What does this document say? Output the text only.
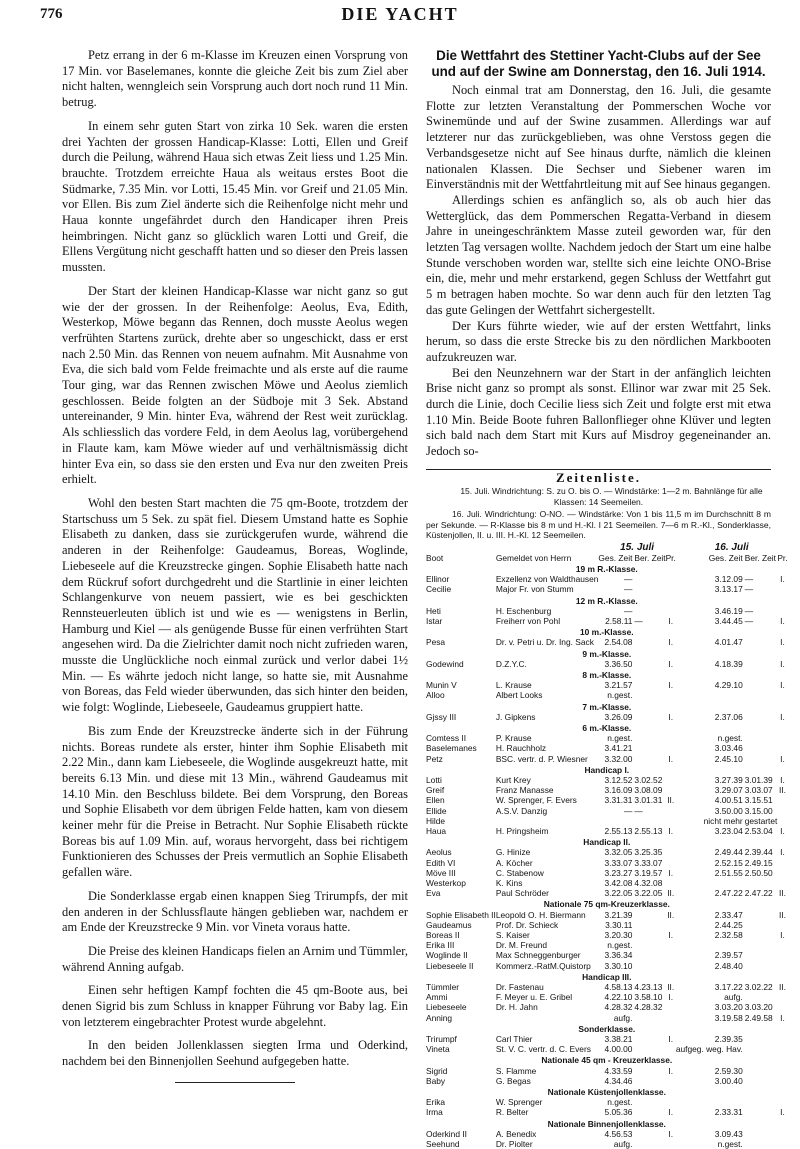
776	DIE YACHT

Petz errang in der 6 m-Klasse im Kreuzen einen Vorsprung von 17 Min. vor Baselemanes, konnte die gleiche Zeit bis zum Ziel aber nicht halten, wenngleich sein Vorsprung auch dort noch rund 11 Min. betrug.

In einem sehr guten Start von zirka 10 Sek. waren die ersten drei Yachten der grossen Handicap-Klasse: Lotti, Ellen und Greif durch die Peilung, während Haua sich etwas Zeit liess und 1.25 Min. brauchte. Trotzdem erreichte Haua als weitaus erstes Boot die Südmarke, 7.35 Min. vor Lotti, 15.45 Min. vor Greif und 21.05 Min. vor Ellen. Bis zum Ziel änderte sich die Reihenfolge nicht mehr und Haua konnte ungefährdet durch den Handicaper ihren Preis heimbringen. Nicht ganz so glücklich waren Lotti und Greif, die Ellens Vergütung nicht geschafft hatten und so dieser den Preis lassen mussten.

Der Start der kleinen Handicap-Klasse war nicht ganz so gut wie der der grossen. In der Reihenfolge: Aeolus, Eva, Edith, Westerkop, Möwe begann das Rennen, doch musste Aeolus wegen verfrühten Startens zurück, drehte aber so ungeschickt, dass er erst nach 2.50 Min. das Rennen von neuem aufnahm. Mit Ausnahme von Eva, die sich bald vom Felde freimachte und als erste auf die raume Tour ging, war das Rennen zwischen Möwe und Aeolus ziemlich geschlossen. Beide folgten an der Südboje mit 3 Sek. Abstand untereinander, 9 Min. hinter Eva, während der Rest weit zurücklag. Als schliesslich das vordere Feld, in dem Aeolus lag, vorübergehend in Flaute kam, kam Möwe wieder auf und verhältnismässig dicht hinter Eva ein, so dass sie den ersten und Eva nur den zweiten Preis erhielt.

Wohl den besten Start machten die 75 qm-Boote, trotzdem der Startschuss um 5 Sek. zu spät fiel. Diesem Umstand hatte es Sophie Elisabeth zu danken, dass sie zurückgerufen wurde, während die anderen in der Reihenfolge: Gaudeamus, Boreas, Woglinde, Liebeseele auf die Kreuzstrecke gingen. Sophie Elisabeth hatte nach dem Rückruf sofort durchgedreht und die Startlinie in einer leichten Schlangenkurve von neuem passiert, wie es bei geschickten Rennsteuerleuten üblich ist und wie es — wenigstens in Berlin, Hamburg und Kiel — als genügende Busse für einen verfrühten Start angesehen wird. Da die Zielrichter damit noch nicht zufrieden waren, musste die Unglückliche noch einmal zurück und verlor dabei 1½ Min. — Es währte jedoch nicht lange, so hatte sie, mit Ausnahme von Boreas, das Feld wieder überwunden, das sich hinter den beiden, wie folgt: Woglinde, Liebeseele, Gaudeamus gruppiert hatte.

Bis zum Ende der Kreuzstrecke änderte sich in der Führung nichts. Boreas rundete als erster, hinter ihm Sophie Elisabeth mit 2.22 Min., dann kam Liebeseele, die Woglinde ausgekreuzt hatte, mit bereits 6.13 Min. und diese mit 13 Min., während Gaudeamus mit 14.10 Min. den Beschluss bildete. Bei dem Vorsprung, den Boreas und Sophie Elisabeth vor dem übrigen Felde hatten, kam von diesem keiner mehr für die Preise in Betracht. Nur Sophie Elisabeth rückte Boreas bis auf 1.09 Min. auf, woraus hervorgeht, dass bei richtigem Funktionieren des Schusses der Preis vermutlich an Sophie Elisabeth gefallen wäre.

Die Sonderklasse ergab einen knappen Sieg Trirumpfs, der mit den anderen in der Schlussflaute hängen geblieben war, nachdem er am Ende der Kreuzstrecke 9 Min. vor Vineta voraus hatte.

Die Preise des kleinen Handicaps fielen an Arnim und Tümmler, während Anning aufgab.

Einen sehr heftigen Kampf fochten die 45 qm-Boote aus, bei denen Sigrid bis zum Schluss in knapper Führung vor Baby lag. Ein von letzterem eingebrachter Protest wurde abgelehnt.

In den beiden Jollenklassen siegten Irma und Oderkind, nachdem bei den Binnenjollen Seehund aufgegeben hatte.

Die Wettfahrt des Stettiner Yacht-Clubs auf der See und auf der Swine am Donnerstag, den 16. Juli 1914.

Noch einmal trat am Donnerstag, den 16. Juli, die gesamte Flotte zur letzten Veranstaltung der Pommerschen Woche vor Swinemünde und auf der Swine zusammen. Allerdings war auf letzterer nur das zurückgeblieben, was ohne Verstoss gegen die Verbandsgesetze nicht auf See hinaus durfte, nämlich die kleinen nationalen Klassen. Die Sechser und Siebener waren im Einverständnis mit der Wettfahrtleitung mit auf See hinaus gegangen.

Allerdings schien es anfänglich so, als ob auch hier das Wetterglück, das dem Pommerschen Regatta-Verband in diesem Jahre in uneingeschränktem Masse zuteil geworden war, für den letzten Tag versagen wollte. Nachdem jedoch der Start um eine halbe Stunde verschoben worden war, stellte sich eine leichte ONO-Brise ein, die, mehr und mehr erstarkend, gegen Schluss der Wettfahrt gut 5 m betragen haben mochte. So war denn auch für den letzten Tag das gute Gelingen der Wettfahrt sichergestellt.

Der Kurs führte wieder, wie auf der ersten Wettfahrt, links herum, so dass die erste Strecke bis zu den nördlichen Markbooten aufzukreuzen war.

Bei den Neunzehnern war der Start in der anfänglich leichten Brise nicht ganz so prompt als sonst. Ellinor war zwar mit 25 Sek. durch die Linie, doch Cecilie liess sich Zeit und folgte erst mit etwa 1.10 Min. Beide Boote fuhren Ballonflieger ohne Klüver und legten sich bald nach dem Start mit Kurs auf Misdroy gegeneinander an. Jedoch so-

Zeitenliste.

15. Juli. Windrichtung: S. zu O. bis O. — Windstärke: 1—2 m. Bahnlänge für alle Klassen: 14 Seemeilen.

16. Juli. Windrichtung: O-NO. — Windstärke: Von 1 bis 11,5 m im Durchschnitt 8 m per Sekunde. — R-Klasse bis 8 m und H.-Kl. I 21 Seemeilen. 7—6 m R.-Kl., Sonderklasse, Küstenjollen, II. u. III. H.-Kl. 12 Seemeilen.

		15. Juli			16. Juli		
Boot	Gemeldet von Herrn	Ges. Zeit	Ber. Zeit	Pr.	Ges. Zeit	Ber. Zeit	Pr.
19 m R.-Klasse.							
Ellinor	Exzellenz von Waldthausen	—			3.12.09	—	I.
Cecilie	Major Fr. von Stumm	—			3.13.17	—	
12 m R.-Klasse.							
Heti	H. Eschenburg	—			3.46.19	—	
Istar	Freiherr von Pohl	2.58.11	—	I.	3.44.45	—	I.
10 m.-Klasse.							
Pesa	Dr. v. Petri u. Dr. Ing. Sack	2.54.08		I.	4.01.47		I.
9 m.-Klasse.							
Godewind	D.Z.Y.C.	3.36.50		I.	4.18.39		I.
8 m.-Klasse.							
Munin V	L. Krause	3.21.57		I.	4.29.10		I.
Alloo	Albert Looks	n.gest.					
7 m.-Klasse.							
Gjssy III	J. Gipkens	3.26.09		I.	2.37.06		I.
6 m.-Klasse.							
Comtess II	P. Krause	n.gest.			n.gest.		
Baselemanes	H. Rauchholz	3.41.21			3.03.46		
Petz	BSC. vertr. d. P. Wiesner	3.32.00		I.	2.45.10		I.
Handicap I.							
Lotti	Kurt Krey	3.12.52	3.02.52		3.27.39	3.01.39	I.
Greif	Franz Manasse	3.16.09	3.08.09		3.29.07	3.03.07	II.
Ellen	W. Sprenger, F. Evers	3.31.31	3.01.31	II.	4.00.51	3.15.51	
Ellide	A.S.V. Danzig	—	—		3.50.00	3.15.00	
Hilde					nicht mehr	gestartet	
Haua	H. Pringsheim	2.55.13	2.55.13	I.	3.23.04	2.53.04	I.
Handicap II.							
Aeolus	G. Hinize	3.32.05	3.25.35		2.49.44	2.39.44	I.
Edith VI	A. Köcher	3.33.07	3.33.07		2.52.15	2.49.15	
Möve III	C. Stabenow	3.23.27	3.19.57	I.	2.51.55	2.50.50	
Westerkop	K. Kins	3.42.08	4.32.08				
Eva	Paul Schröder	3.22.05	3.22.05	II.	2.47.22	2.47.22	II.
Nationale 75 qm-Kreuzerklasse.							
Sophie Elisabeth II	Leopold O. H. Biermann	3.21.39		II.	2.33.47		II.
Gaudeamus	Prof. Dr. Schieck	3.30.11			2.44.25		
Boreas II	S. Kaiser	3.20.30		I.	2.32.58		I.
Erika III	Dr. M. Freund	n.gest.					
Woglinde II	Max Schneggenburger	3.36.34			2.39.57		
Liebeseele II	Kommerz.-RatM.Quistorp	3.30.10			2.48.40		
Handicap III.							
Tümmler	Dr. Fastenau	4.58.13	4.23.13	II.	3.17.22	3.02.22	II.
Ammi	F. Meyer u. E. Gribel	4.22.10	3.58.10	I.	aufg.		
Liebeseele	Dr. H. Jahn	4.28.32	4.28.32		3.03.20	3.03.20	
Anning		aufg.			3.19.58	2.49.58	I.
Sonderklasse.							
Trirumpf	Carl Thier	3.38.21		I.	2.39.35		
Vineta	St. V. C. vertr. d. C. Evers	4.00.00			aufgeg. weg. Hav.		
Nationale 45 qm - Kreuzerklasse.							
Sigrid	S. Flamme	4.33.59		I.	2.59.30		
Baby	G. Begas	4.34.46			3.00.40		
Nationale Küstenjollenklasse.							
Erika	W. Sprenger	n.gest.					
Irma	R. Belter	5.05.36		I.	2.33.31		I.
Nationale Binnenjollenklasse.							
Oderkind II	A. Benedix	4.56.53		I.	3.09.43		
Seehund	Dr. Piolter	aufg.			n.gest.		
